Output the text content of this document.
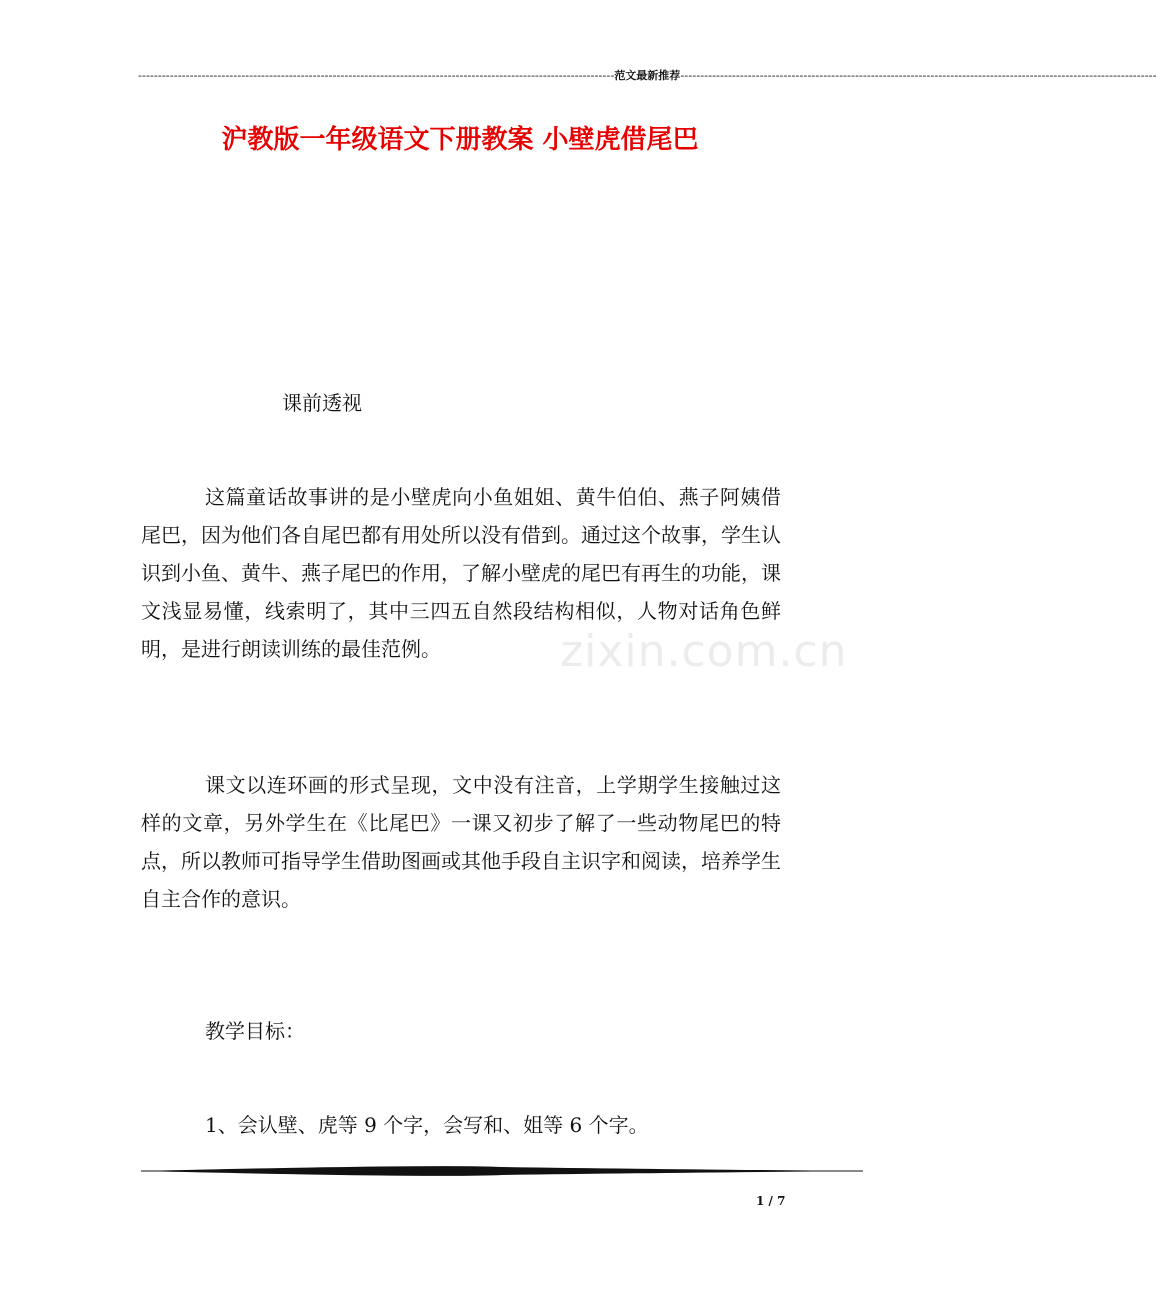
------------------------------------------------------------------------------------------------------------------------ 范文最新推荐 ------------------------------------------------------------------------------------------------------------------------
沪教版一年级语文下册教案 小壁虎借尾巴

课前透视

这篇童话故事讲的是小壁虎向小鱼姐姐、黄牛伯伯、燕子阿姨借尾巴，因为他们各自尾巴都有用处所以没有借到。通过这个故事，学生认识到小鱼、黄牛、燕子尾巴的作用，了解小壁虎的尾巴有再生的功能，课文浅显易懂，线索明了，其中三四五自然段结构相似，人物对话角色鲜明，是进行朗读训练的最佳范例。

课文以连环画的形式呈现，文中没有注音，上学期学生接触过这样的文章，另外学生在《比尾巴》一课又初步了解了一些动物尾巴的特点，所以教师可指导学生借助图画或其他手段自主识字和阅读，培养学生自主合作的意识。

教学目标：

1、会认壁、虎等 9 个字，会写和、姐等 6 个字。

zixin.com.cn
1 / 7
